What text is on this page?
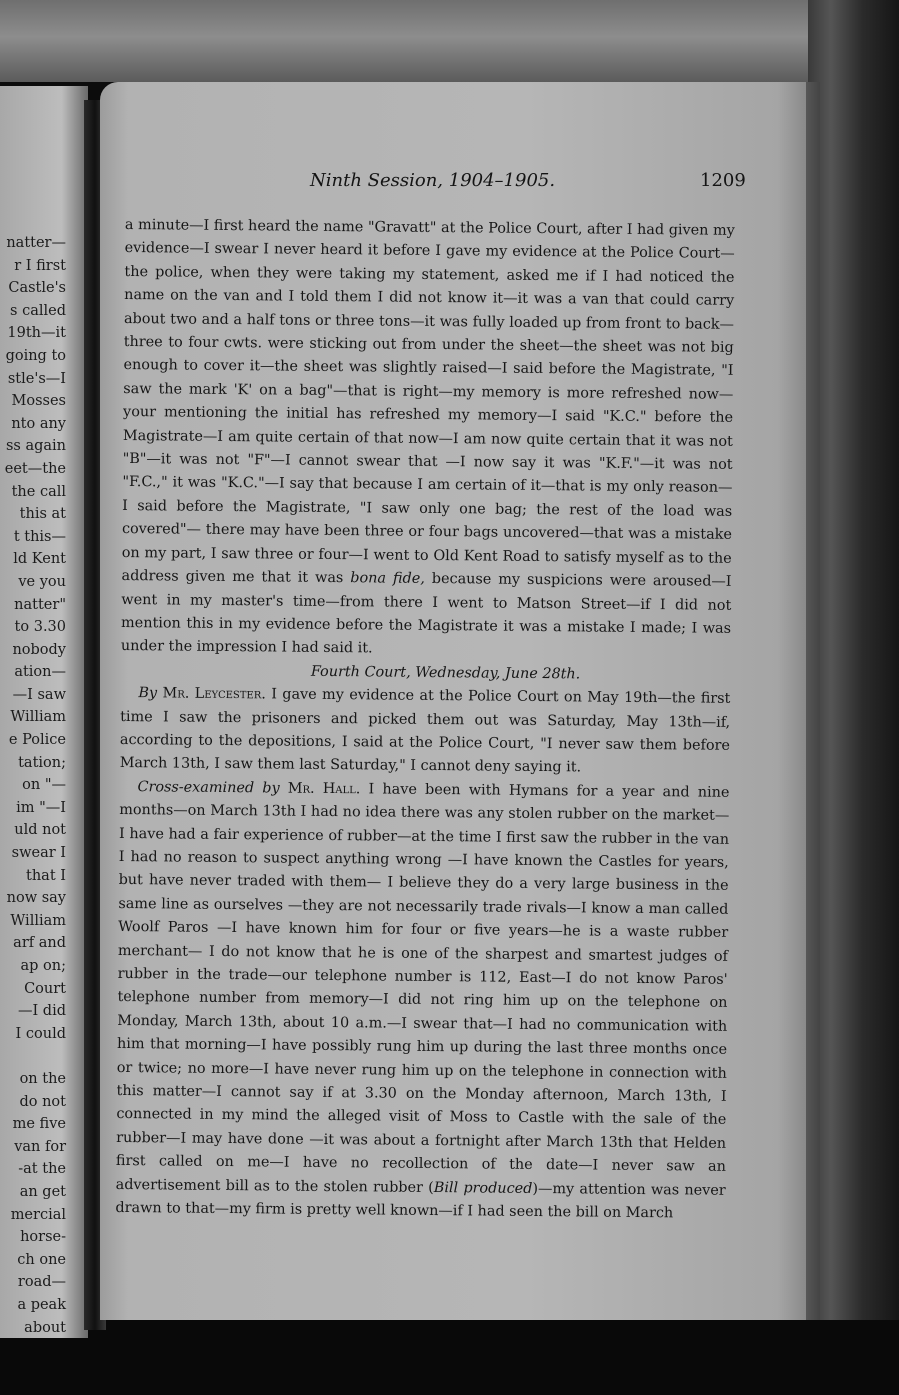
natter—
r I first
Castle's
s called
19th—it
going to
stle's—I
Mosses
nto any
ss again
eet—the
the call
this at
t this—
ld Kent
ve you
natter"
to 3.30
nobody
ation—
—I saw
William
e Police
tation;
on "—
im "—I
uld not
swear I
that I
now say
William
arf and
ap on;
Court
—I did
I could

on the
do not
me five
van for
-at the
an get
mercial
horse-
ch one
road—
a peak
about
Ninth Session, 1904–1905.	1209

a minute—I first heard the name "Gravatt" at the Police Court, after I had given my evidence—I swear I never heard it before I gave my evidence at the Police Court—the police, when they were taking my statement, asked me if I had noticed the name on the van and I told them I did not know it—it was a van that could carry about two and a half tons or three tons—it was fully loaded up from front to back—three to four cwts. were sticking out from under the sheet—the sheet was not big enough to cover it—the sheet was slightly raised—I said before the Magistrate, "I saw the mark 'K' on a bag"—that is right—my memory is more refreshed now—your mentioning the initial has refreshed my memory—I said "K.C." before the Magistrate—I am quite certain of that now—I am now quite certain that it was not "B"—it was not "F"—I cannot swear that —I now say it was "K.F."—it was not "F.C.," it was "K.C."—I say that because I am certain of it—that is my only reason—I said before the Magistrate, "I saw only one bag; the rest of the load was covered"— there may have been three or four bags uncovered—that was a mistake on my part, I saw three or four—I went to Old Kent Road to satisfy myself as to the address given me that it was bona fide, because my suspicions were aroused—I went in my master's time—from there I went to Matson Street—if I did not mention this in my evidence before the Magistrate it was a mistake I made; I was under the impression I had said it.

Fourth Court, Wednesday, June 28th.

By Mr. Leycester. I gave my evidence at the Police Court on May 19th—the first time I saw the prisoners and picked them out was Saturday, May 13th—if, according to the depositions, I said at the Police Court, "I never saw them before March 13th, I saw them last Saturday," I cannot deny saying it.

Cross-examined by Mr. Hall. I have been with Hymans for a year and nine months—on March 13th I had no idea there was any stolen rubber on the market—I have had a fair experience of rubber—at the time I first saw the rubber in the van I had no reason to suspect anything wrong —I have known the Castles for years, but have never traded with them— I believe they do a very large business in the same line as ourselves —they are not necessarily trade rivals—I know a man called Woolf Paros —I have known him for four or five years—he is a waste rubber merchant— I do not know that he is one of the sharpest and smartest judges of rubber in the trade—our telephone number is 112, East—I do not know Paros' telephone number from memory—I did not ring him up on the telephone on Monday, March 13th, about 10 a.m.—I swear that—I had no communication with him that morning—I have possibly rung him up during the last three months once or twice; no more—I have never rung him up on the telephone in connection with this matter—I cannot say if at 3.30 on the Monday afternoon, March 13th, I connected in my mind the alleged visit of Moss to Castle with the sale of the rubber—I may have done —it was about a fortnight after March 13th that Helden first called on me—I have no recollection of the date—I never saw an advertisement bill as to the stolen rubber (Bill produced)—my attention was never drawn to that—my firm is pretty well known—if I had seen the bill on March
